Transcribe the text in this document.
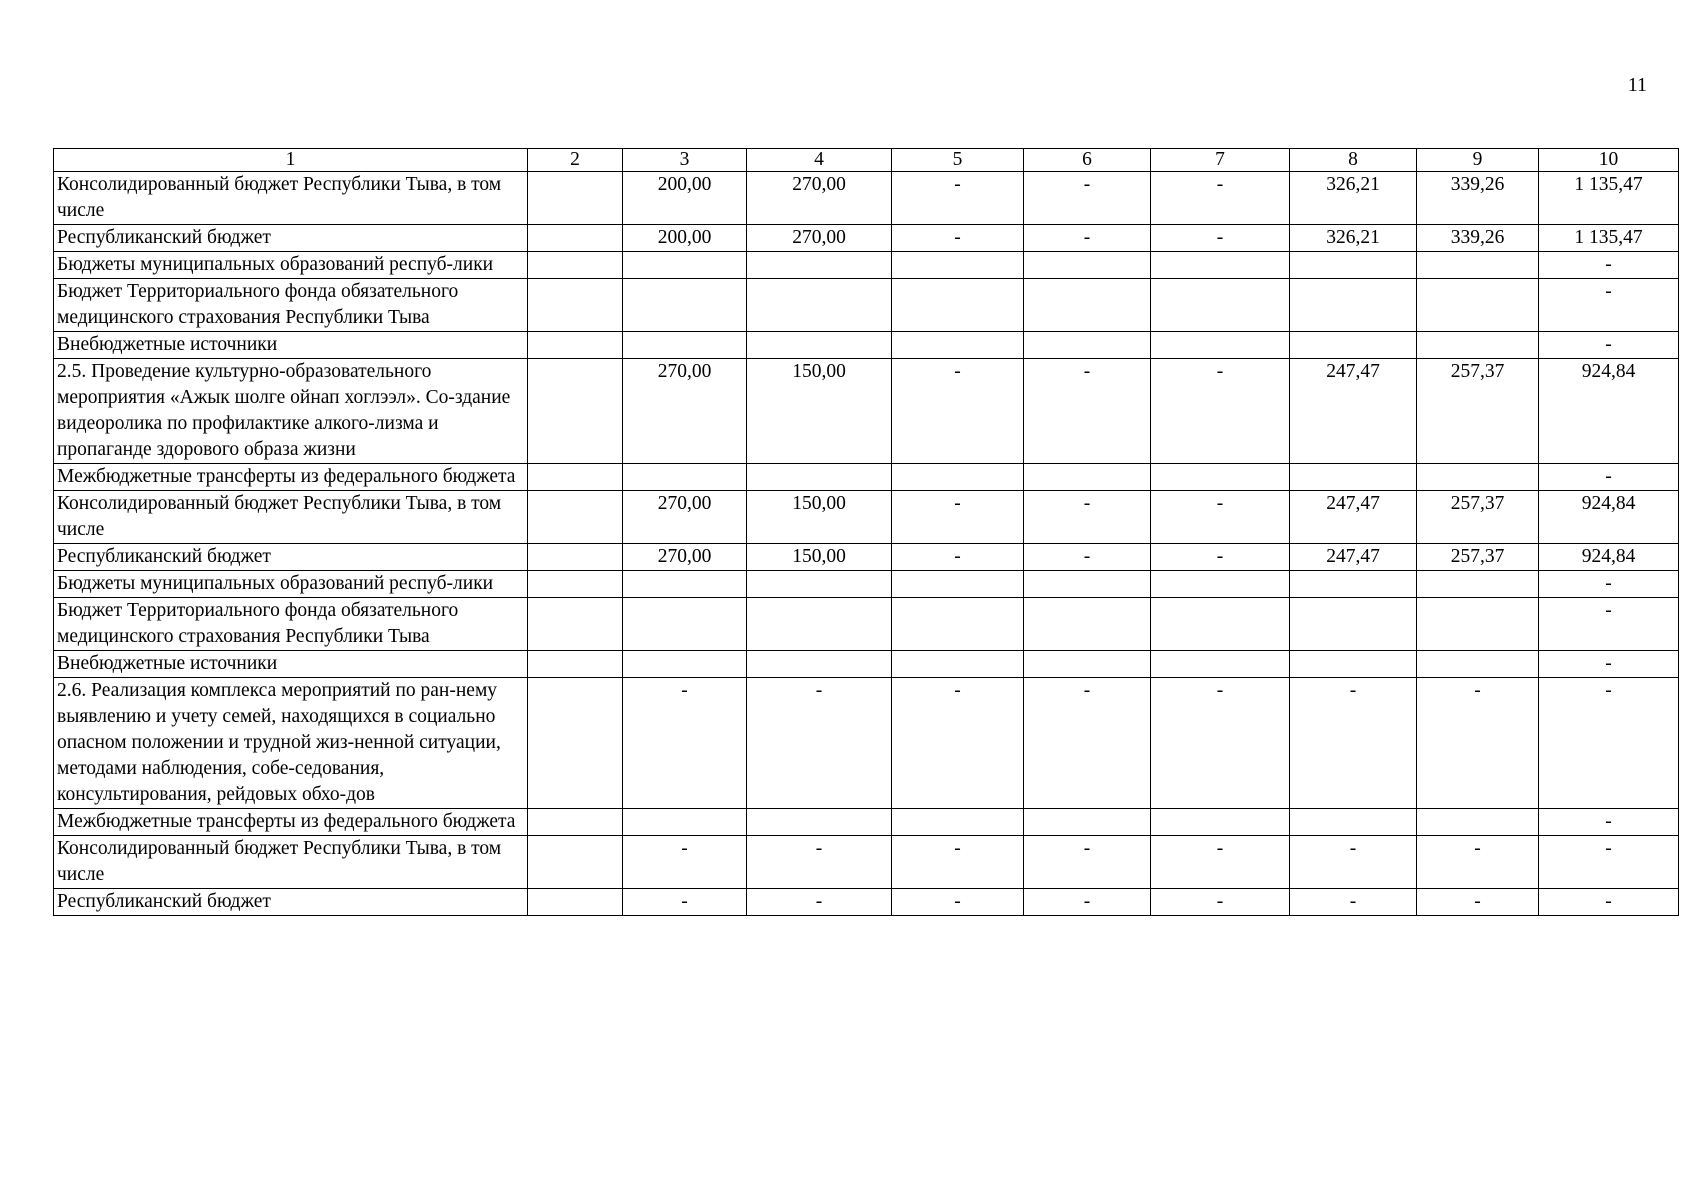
11
1	2	3	4	5	6	7	8	9	10
Консолидированный бюджет Республики Тыва, в том числе		200,00	270,00	-	-	-	326,21	339,26	1 135,47
Республиканский бюджет		200,00	270,00	-	-	-	326,21	339,26	1 135,47
Бюджеты муниципальных образований респуб-лики									-
Бюджет Территориального фонда обязательного медицинского страхования Республики Тыва									-
Внебюджетные источники									-
2.5. Проведение культурно-образовательного мероприятия «Ажык шолге ойнап хоглээл». Со-здание видеоролика по профилактике алкого-лизма и пропаганде здорового образа жизни		270,00	150,00	-	-	-	247,47	257,37	924,84
Межбюджетные трансферты из федерального бюджета									-
Консолидированный бюджет Республики Тыва, в том числе		270,00	150,00	-	-	-	247,47	257,37	924,84
Республиканский бюджет		270,00	150,00	-	-	-	247,47	257,37	924,84
Бюджеты муниципальных образований респуб-лики									-
Бюджет Территориального фонда обязательного медицинского страхования Республики Тыва									-
Внебюджетные источники									-
2.6. Реализация комплекса мероприятий по ран-нему выявлению и учету семей, находящихся в социально опасном положении и трудной жиз-ненной ситуации, методами наблюдения, собе-седования, консультирования, рейдовых обхо-дов		-	-	-	-	-	-	-	-
Межбюджетные трансферты из федерального бюджета									-
Консолидированный бюджет Республики Тыва, в том числе		-	-	-	-	-	-	-	-
Республиканский бюджет		-	-	-	-	-	-	-	-
